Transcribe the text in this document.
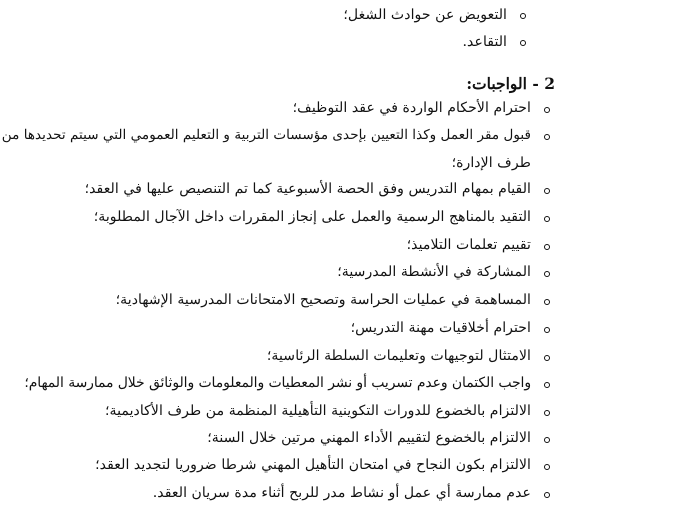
التعويض عن حوادث الشغل؛
التقاعد.
2 - الواجبات:
احترام الأحكام الواردة في عقد التوظيف؛
قبول مقر العمل وكذا التعيين بإحدى مؤسسات التربية و التعليم العمومي التي سيتم تحديدها من
طرف الإدارة؛
القيام بمهام التدريس وفق الحصة الأسبوعية كما تم التنصيص عليها في العقد؛
التقيد بالمناهج الرسمية والعمل على إنجاز المقررات داخل الآجال المطلوبة؛
تقييم تعلمات التلاميذ؛
المشاركة في الأنشطة المدرسية؛
المساهمة في عمليات الحراسة وتصحيح الامتحانات المدرسية الإشهادية؛
احترام أخلاقيات مهنة التدريس؛
الامتثال لتوجيهات وتعليمات السلطة الرئاسية؛
واجب الكتمان وعدم تسريب أو نشر المعطيات والمعلومات والوثائق خلال ممارسة المهام؛
الالتزام بالخضوع للدورات التكوينية التأهيلية المنظمة من طرف الأكاديمية؛
الالتزام بالخضوع لتقييم الأداء المهني مرتين خلال السنة؛
الالتزام بكون النجاح في امتحان التأهيل المهني شرطا ضروريا لتجديد العقد؛
عدم ممارسة أي عمل أو نشاط مدر للربح أثناء مدة سريان العقد.
